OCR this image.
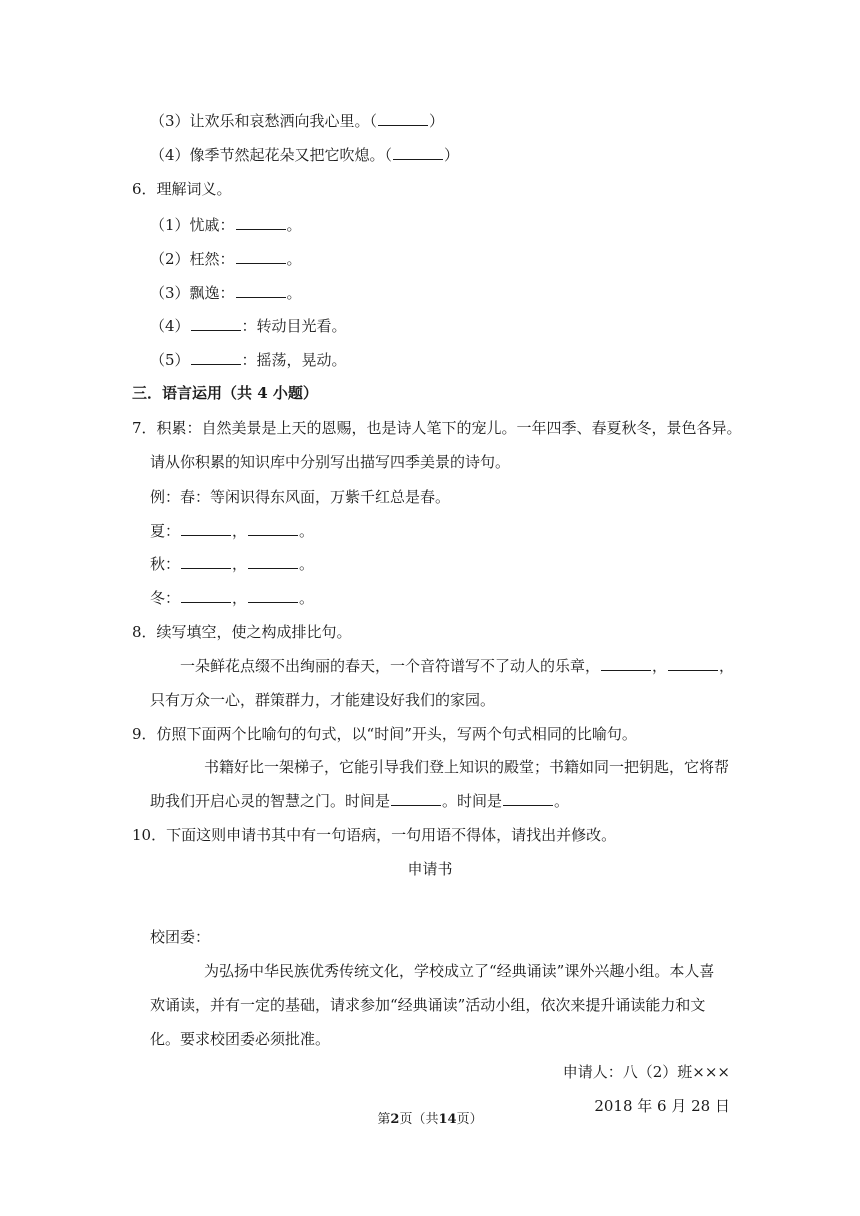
（3）让欢乐和哀愁洒向我心里。（	）
（4）像季节然起花朵又把它吹熄。（	）
6．理解词义。
（1）忧戚：	。
（2）枉然：	。
（3）飘逸：	。
（4）	：转动目光看。
（5）	：摇荡，晃动。
三．语言运用（共 4 小题）
7．积累：自然美景是上天的恩赐，也是诗人笔下的宠儿。一年四季、春夏秋冬，景色各异。
请从你积累的知识库中分别写出描写四季美景的诗句。
例：春：等闲识得东风面，万紫千红总是春。
夏：	，	。
秋：	，	。
冬：	，	。
8．续写填空，使之构成排比句。
一朵鲜花点缀不出绚丽的春天，一个音符谱写不了动人的乐章，	，	，
只有万众一心，群策群力，才能建设好我们的家园。
9．仿照下面两个比喻句的句式，以“时间”开头，写两个句式相同的比喻句。
书籍好比一架梯子，它能引导我们登上知识的殿堂；书籍如同一把钥匙，它将帮
助我们开启心灵的智慧之门。时间是	。时间是	。
10．下面这则申请书其中有一句语病，一句用语不得体，请找出并修改。
申请书
校团委：
为弘扬中华民族优秀传统文化，学校成立了“经典诵读”课外兴趣小组。本人喜
欢诵读，并有一定的基础，请求参加“经典诵读”活动小组，依次来提升诵读能力和文
化。要求校团委必须批准。
申请人：八（2）班×××
2018 年 6 月 28 日
第2页（共14页）
